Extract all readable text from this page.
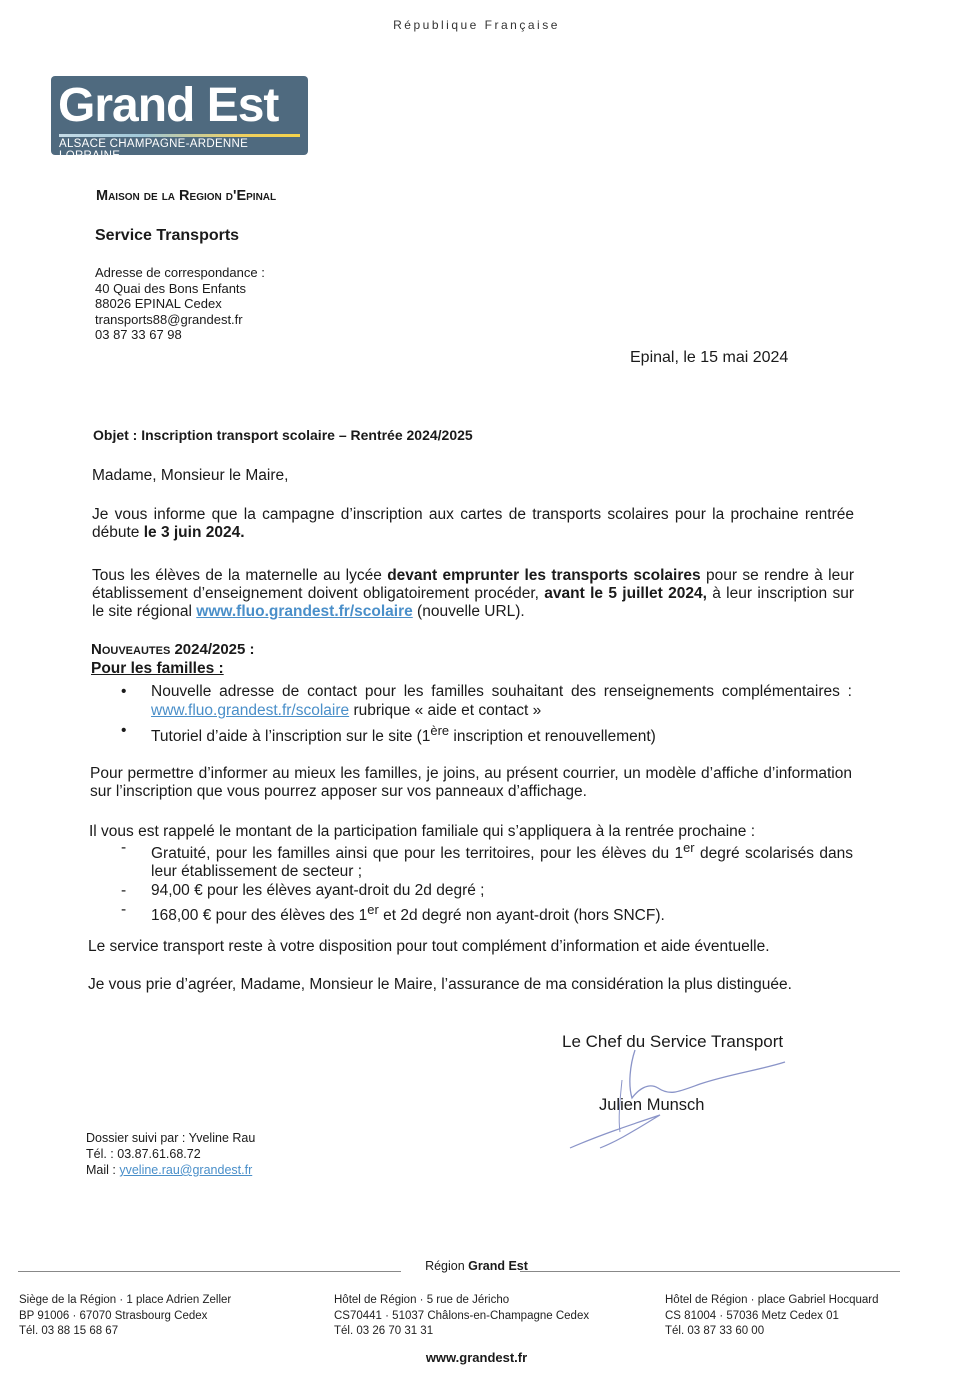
République Française
Grand Est
ALSACE CHAMPAGNE-ARDENNE LORRAINE
Maison de la Region d'Epinal
Service Transports
Adresse de correspondance :
40 Quai des Bons Enfants
88026 EPINAL Cedex
transports88@grandest.fr
03 87 33 67 98
Epinal, le 15 mai 2024
Objet : Inscription transport scolaire – Rentrée 2024/2025
Madame, Monsieur le Maire,
Je vous informe que la campagne d’inscription aux cartes de transports scolaires pour la prochaine rentrée débute le 3 juin 2024.
Tous les élèves de la maternelle au lycée devant emprunter les transports scolaires pour se rendre à leur établissement d’enseignement doivent obligatoirement procéder, avant le 5 juillet 2024, à leur inscription sur le site régional www.fluo.grandest.fr/scolaire (nouvelle URL).
Nouveautes 2024/2025 :
Pour les familles :
• Nouvelle adresse de contact pour les familles souhaitant des renseignements complémentaires : www.fluo.grandest.fr/scolaire rubrique « aide et contact »
• Tutoriel d’aide à l’inscription sur le site (1ère inscription et renouvellement)
Pour permettre d’informer au mieux les familles, je joins, au présent courrier, un modèle d’affiche d’information sur l’inscription que vous pourrez apposer sur vos panneaux d’affichage.
Il vous est rappelé le montant de la participation familiale qui s’appliquera à la rentrée prochaine :
- Gratuité, pour les familles ainsi que pour les territoires, pour les élèves du 1er degré scolarisés dans leur établissement de secteur ;
- 94,00 € pour les élèves ayant-droit du 2d degré ;
- 168,00 € pour des élèves des 1er et 2d degré non ayant-droit (hors SNCF).
Le service transport reste à votre disposition pour tout complément d’information et aide éventuelle.
Je vous prie d’agréer, Madame, Monsieur le Maire, l’assurance de ma considération la plus distinguée.
Le Chef du Service Transport
Julien Munsch
Dossier suivi par : Yveline Rau
Tél. : 03.87.61.68.72
Mail : yveline.rau@grandest.fr
Région Grand Est
Siège de la Région · 1 place Adrien Zeller
BP 91006 · 67070 Strasbourg Cedex
Tél. 03 88 15 68 67
Hôtel de Région · 5 rue de Jéricho
CS70441 · 51037 Châlons-en-Champagne Cedex
Tél. 03 26 70 31 31
Hôtel de Région · place Gabriel Hocquard
CS 81004 · 57036 Metz Cedex 01
Tél. 03 87 33 60 00
www.grandest.fr
